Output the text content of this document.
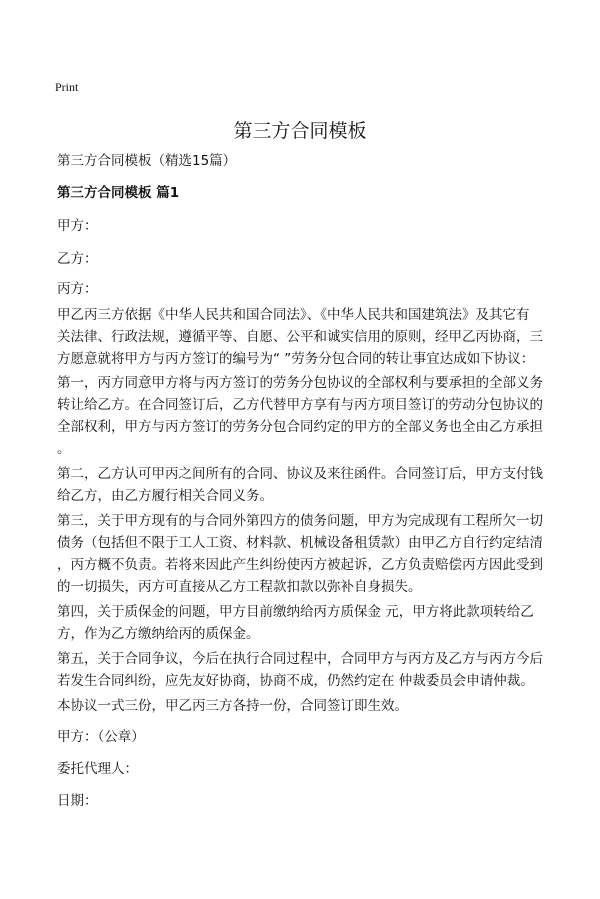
Print
第三方合同模板
第三方合同模板（精选15篇）
第三方合同模板 篇1
甲方：
乙方：
丙方：
甲乙丙三方依据《中华人民共和国合同法》、《中华人民共和国建筑法》及其它有
关法律、行政法规，遵循平等、自愿、公平和诚实信用的原则，经甲乙丙协商，三
方愿意就将甲方与丙方签订的编号为“ ”劳务分包合同的转让事宜达成如下协议：
第一，丙方同意甲方将与丙方签订的劳务分包协议的全部权利与要承担的全部义务
转让给乙方。在合同签订后，乙方代替甲方享有与丙方项目签订的劳动分包协议的
全部权利，甲方与丙方签订的劳务分包合同约定的甲方的全部义务也全由乙方承担
。
第二，乙方认可甲丙之间所有的合同、协议及来往函件。合同签订后，甲方支付钱
给乙方，由乙方履行相关合同义务。
第三，关于甲方现有的与合同外第四方的债务问题，甲方为完成现有工程所欠一切
债务（包括但不限于工人工资、材料款、机械设备租赁款）由甲乙方自行约定结清
，丙方概不负责。若将来因此产生纠纷使丙方被起诉，乙方负责赔偿丙方因此受到
的一切损失，丙方可直接从乙方工程款扣款以弥补自身损失。
第四，关于质保金的问题，甲方目前缴纳给丙方质保金 元，甲方将此款项转给乙
方，作为乙方缴纳给丙的质保金。
第五，关于合同争议，今后在执行合同过程中，合同甲方与丙方及乙方与丙方今后
若发生合同纠纷，应先友好协商，协商不成，仍然约定在 仲裁委员会申请仲裁。
本协议一式三份，甲乙丙三方各持一份，合同签订即生效。
甲方：（公章）
委托代理人：
日期：
